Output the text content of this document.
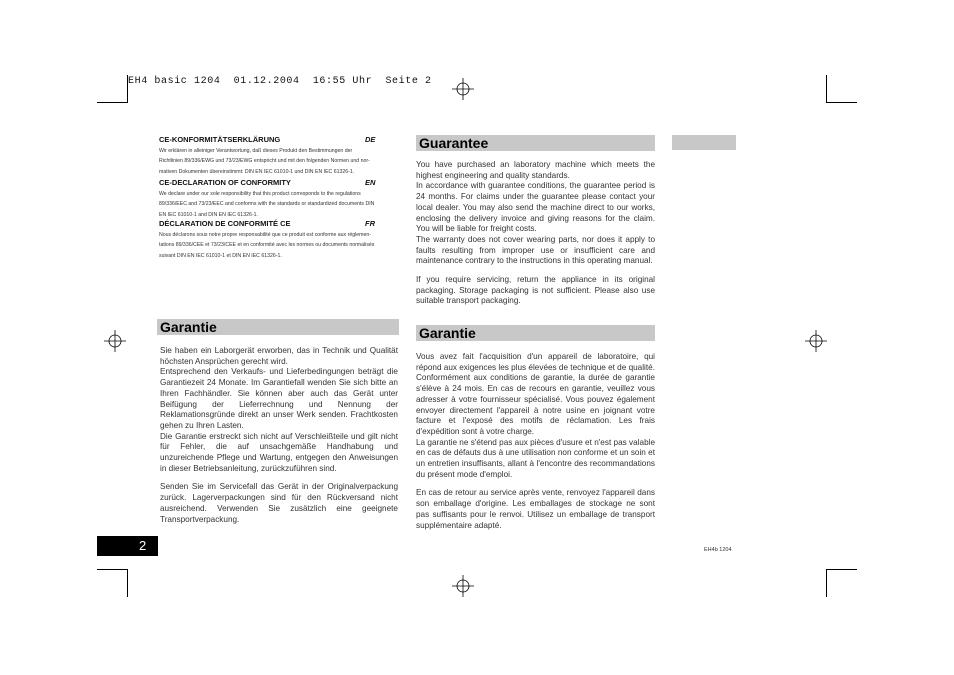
EH4 basic 1204  01.12.2004  16:55 Uhr  Seite 2
CE-KONFORMITÄTSERKLÄRUNG	DE
Wir erklären in alleiniger Verantwortung, daß dieses Produkt den Bestimmungen der
Richtlinien 89/336/EWG und 73/23/EWG entspricht und mit den folgenden Normen und nor-
mativen Dokumenten übereinstimmt: DIN EN IEC 61010-1 und DIN EN IEC 61326-1.
CE-DECLARATION OF CONFORMITY	EN
We declare under our sole responsibility that this product corresponds to the regulations
89/336/EEC and 73/23/EEC and conforms with the standards or standardized documents DIN
EN IEC 61010-1 and DIN EN IEC 61326-1.
DÉCLARATION DE CONFORMITÉ CE	FR
Nous déclarons sous notre propre responsabilité que ce produit est conforme aux réglemen-
tations 89/336/CEE et 73/23/CEE et en conformité avec les normes ou documents normalisés
suivant DIN EN IEC 61010-1 et DIN EN IEC 61326-1.
Garantie

Sie haben ein Laborgerät erworben, das in Technik und Qualität höchsten Ansprüchen gerecht wird.

Entsprechend den Verkaufs- und Lieferbedingungen beträgt die Garantiezeit 24 Monate. Im Garantiefall wenden Sie sich bitte an Ihren Fachhändler. Sie können aber auch das Gerät unter Beifügung der Lieferrechnung und Nennung der Reklamationsgründe direkt an unser Werk senden. Frachtkosten gehen zu Ihren Lasten.

Die Garantie erstreckt sich nicht auf Verschleißteile und gilt nicht für Fehler, die auf unsachgemäße Handhabung und unzureichende Pflege und Wartung, entgegen den Anweisungen in dieser Betriebsanleitung, zurückzuführen sind.

Senden Sie im Servicefall das Gerät in der Originalverpackung zurück. Lagerverpackungen sind für den Rückversand nicht ausreichend. Verwenden Sie zusätzlich eine geeignete Transportverpackung.

Guarantee

You have purchased an laboratory machine which meets the highest engineering and quality standards.

In accordance with guarantee conditions, the guarantee period is 24 months. For claims under the guarantee please contact your local dealer. You may also send the machine direct to our works, enclosing the delivery invoice and giving reasons for the claim. You will be liable for freight costs.

The warranty does not cover wearing parts, nor does it apply to faults resulting from improper use or insufficient care and maintenance contrary to the instructions in this operating manual.

If you require servicing, return the appliance in its original packaging. Storage packaging is not sufficient. Please also use suitable transport packaging.

Garantie

Vous avez fait l'acquisition d'un appareil de laboratoire, qui répond aux exigences les plus élevées de technique et de qualité.

Conformément aux conditions de garantie, la durée de garantie s'élève à 24 mois. En cas de recours en garantie, veuillez vous adresser à votre fournisseur spécialisé. Vous pouvez également envoyer directement l'appareil à notre usine en joignant votre facture et l'exposé des motifs de réclamation. Les frais d'expédition sont à votre charge.

La garantie ne s'étend pas aux pièces d'usure et n'est pas valable en cas de défauts dus à une utilisation non conforme et un soin et un entretien insuffisants, allant à l'encontre des recommandations du présent mode d'emploi.

En cas de retour au service après vente, renvoyez l'appareil dans son emballage d'origine. Les emballages de stockage ne sont pas suffisants pour le renvoi. Utilisez un emballage de transport supplémentaire adapté.

2	EH4b 1204
